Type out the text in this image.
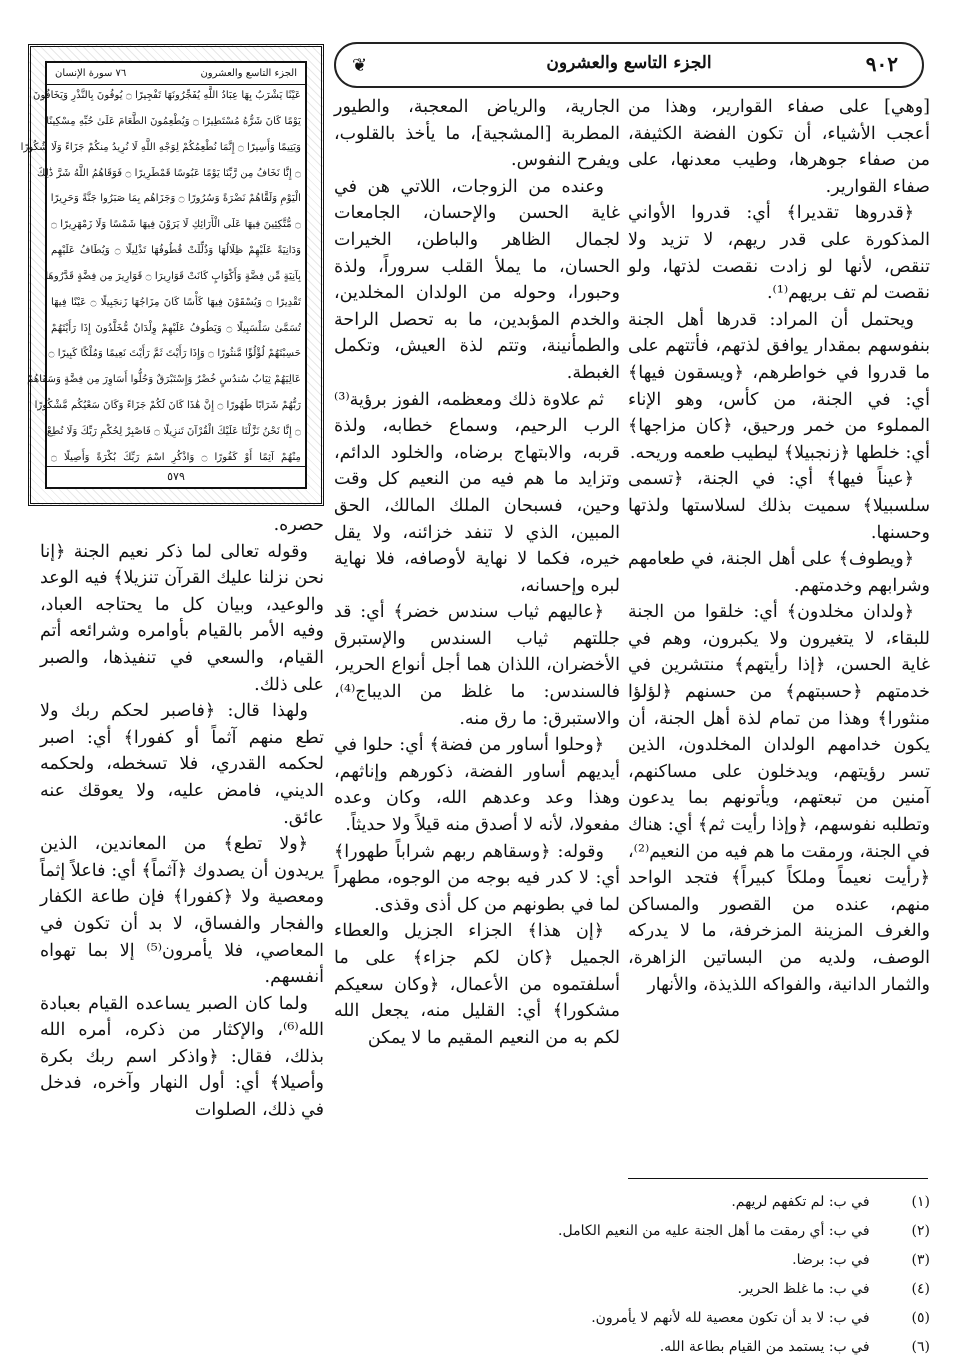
٩٠٢
الجزء التاسع والعشرون
❦
الجزء التاسع والعشرون
٧٦ سورة الإنسان
عَيْنًا يَشْرَبُ بِهَا عِبَادُ اللَّهِ يُفَجِّرُونَهَا تَفْجِيرًا ۝ يُوفُونَ بِالنَّذْرِ وَيَخَافُونَ
يَوْمًا كَانَ شَرُّهُ مُسْتَطِيرًا ۝ وَيُطْعِمُونَ الطَّعَامَ عَلَىٰ حُبِّهِ مِسْكِينًا
وَيَتِيمًا وَأَسِيرًا ۝ إِنَّمَا نُطْعِمُكُمْ لِوَجْهِ اللَّهِ لَا نُرِيدُ مِنكُمْ جَزَاءً وَلَا شُكُورًا
۝ إِنَّا نَخَافُ مِن رَّبِّنَا يَوْمًا عَبُوسًا قَمْطَرِيرًا ۝ فَوَقَاهُمُ اللَّهُ شَرَّ ذَٰلِكَ
الْيَوْمِ وَلَقَّاهُمْ نَضْرَةً وَسُرُورًا ۝ وَجَزَاهُم بِمَا صَبَرُوا جَنَّةً وَحَرِيرًا
۝ مُّتَّكِئِينَ فِيهَا عَلَى الْأَرَائِكِ لَا يَرَوْنَ فِيهَا شَمْسًا وَلَا زَمْهَرِيرًا ۝
وَدَانِيَةً عَلَيْهِمْ ظِلَالُهَا وَذُلِّلَتْ قُطُوفُهَا تَذْلِيلًا ۝ وَيُطَافُ عَلَيْهِم
بِآنِيَةٍ مِّن فِضَّةٍ وَأَكْوَابٍ كَانَتْ قَوَارِيرَا ۝ قَوَارِيرَ مِن فِضَّةٍ قَدَّرُوهَا
تَقْدِيرًا ۝ وَيُسْقَوْنَ فِيهَا كَأْسًا كَانَ مِزَاجُهَا زَنجَبِيلًا ۝ عَيْنًا فِيهَا
تُسَمَّىٰ سَلْسَبِيلًا ۝ وَيَطُوفُ عَلَيْهِمْ وِلْدَانٌ مُّخَلَّدُونَ إِذَا رَأَيْتَهُمْ
حَسِبْتَهُمْ لُؤْلُؤًا مَّنثُورًا ۝ وَإِذَا رَأَيْتَ ثَمَّ رَأَيْتَ نَعِيمًا وَمُلْكًا كَبِيرًا ۝
عَالِيَهُمْ ثِيَابُ سُندُسٍ خُضْرٌ وَإِسْتَبْرَقٌ وَحُلُّوا أَسَاوِرَ مِن فِضَّةٍ وَسَقَاهُمْ
رَبُّهُمْ شَرَابًا طَهُورًا ۝ إِنَّ هَٰذَا كَانَ لَكُمْ جَزَاءً وَكَانَ سَعْيُكُم مَّشْكُورًا
۝ إِنَّا نَحْنُ نَزَّلْنَا عَلَيْكَ الْقُرْآنَ تَنزِيلًا ۝ فَاصْبِرْ لِحُكْمِ رَبِّكَ وَلَا تُطِعْ
مِنْهُمْ آثِمًا أَوْ كَفُورًا ۝ وَاذْكُرِ اسْمَ رَبِّكَ بُكْرَةً وَأَصِيلًا ۝
٥٧٩

[وهي] على صفاء القوارير، وهذا من أعجب الأشياء، أن تكون الفضة الكثيفة، من صفاء جوهرها، وطيب معدنها، على صفاء القوارير.

﴿قدروها تقديرا﴾ أي: قدروا الأواني المذكورة على قدر ريهم، لا تزيد ولا تنقص، لأنها لو زادت نقصت لذتها، ولو نقصت لم تف بريهم⁽¹⁾.

ويحتمل أن المراد: قدرها أهل الجنة بنفوسهم بمقدار يوافق لذتهم، فأتتهم على ما قدروا في خواطرهم، ﴿ويسقون فيها﴾ أي: في الجنة، من كأس، وهو الإناء المملوء من خمر ورحيق، ﴿كان مزاجها﴾ أي: خلطها ﴿زنجبيلا﴾ ليطيب طعمه وريحه.

﴿عيناً فيها﴾ أي: في الجنة، ﴿تسمى سلسبيلا﴾ سميت بذلك لسلاستها ولذتها وحسنها.

﴿ويطوف﴾ على أهل الجنة، في طعامهم وشرابهم وخدمتهم.

﴿ولدان مخلدون﴾ أي: خلقوا من الجنة للبقاء، لا يتغيرون ولا يكبرون، وهم في غاية الحسن، ﴿إذا رأيتهم﴾ منتشرين في خدمتهم ﴿حسبتهم﴾ من حسنهم ﴿لؤلؤا منثورا﴾ وهذا من تمام لذة أهل الجنة، أن يكون خدامهم الولدان المخلدون، الذين تسر رؤيتهم، ويدخلون على مساكنهم، آمنين من تبعتهم، ويأتونهم بما يدعون وتطلبه نفوسهم، ﴿وإذا رأيت ثم﴾ أي: هناك في الجنة، ورمقت ما هم فيه من النعيم⁽²⁾، ﴿رأيت نعيماً وملكاً كبيراً﴾ فتجد الواحد منهم، عنده من القصور والمساكن والغرف المزينة المزخرفة، ما لا يدركه الوصف، ولديه من البساتين الزاهرة، والثمار الدانية، والفواكه اللذيذة، والأنهار

الجارية، والرياض المعجبة، والطيور المطربة [المشجية]، ما يأخذ بالقلوب، ويفرح النفوس.

وعنده من الزوجات، اللاتي هن في غاية الحسن والإحسان، الجامعات لجمال الظاهر والباطن، الخيرات الحسان، ما يملأ القلب سروراً، ولذة وحبورا، وحوله من الولدان المخلدين، والخدم المؤبدين، ما به تحصل الراحة والطمأنينة، وتتم لذة العيش، وتكمل الغبطة.

ثم علاوة ذلك ومعظمه، الفوز برؤية⁽³⁾ الرب الرحيم، وسماع خطابه، ولذة قربه، والابتهاج برضاه، والخلود الدائم، وتزايد ما هم فيه من النعيم كل وقت وحين، فسبحان الملك المالك، الحق المبين، الذي لا تنفد خزائنه، ولا يقل خيره، فكما لا نهاية لأوصافه، فلا نهاية لبره وإحسانه،

﴿عاليهم ثياب سندس خضر﴾ أي: قد جللتهم ثياب السندس والإستبرق الأخضران، اللذان هما أجل أنواع الحرير، فالسندس: ما غلظ من الديباج⁽⁴⁾، والاستبرق: ما رق منه.

﴿وحلوا أساور من فضة﴾ أي: حلوا في أيديهم أساور الفضة، ذكورهم وإناثهم، وهذا وعد وعدهم الله، وكان وعده مفعولا، لأنه لا أصدق منه قيلاً ولا حديثاً.

وقوله: ﴿وسقاهم ربهم شراباً طهورا﴾ أي: لا كدر فيه بوجه من الوجوه، مطهراً لما في بطونهم من كل أذى وقذى.

﴿إن هذا﴾ الجزاء الجزيل والعطاء الجميل ﴿كان لكم جزاء﴾ على ما أسلفتموه من الأعمال، ﴿وكان سعيكم مشكورا﴾ أي: القليل منه، يجعل الله لكم به من النعيم المقيم ما لا يمكن

حصره.

وقوله تعالى لما ذكر نعيم الجنة ﴿إنا نحن نزلنا عليك القرآن تنزيلا﴾ فيه الوعد والوعيد، وبيان كل ما يحتاجه العباد، وفيه الأمر بالقيام بأوامره وشرائعه أتم القيام، والسعي في تنفيذها، والصبر على ذلك.

ولهذا قال: ﴿فاصبر لحكم ربك ولا تطع منهم آثماً أو كفورا﴾ أي: اصبر لحكمه القدري، فلا تسخطه، ولحكمه الديني، فامض عليه، ولا يعوقك عنه عائق.

﴿ولا تطع﴾ من المعاندين، الذين يريدون أن يصدوك ﴿آثماً﴾ أي: فاعلاً إثماً ومعصية ولا ﴿كفورا﴾ فإن طاعة الكفار والفجار والفساق، لا بد أن تكون في المعاصي، فلا يأمرون⁽⁵⁾ إلا بما تهواه أنفسهم.

ولما كان الصبر يساعده القيام بعبادة الله⁽⁶⁾، والإكثار من ذكره، أمره الله بذلك، فقال: ﴿واذكر اسم ربك بكرة وأصيلا﴾ أي: أول النهار وآخره، فدخل في ذلك، الصلوات

(١) في ب: لم تكفهم لريهم.
(٢) في ب: أي رمقت ما أهل الجنة عليه من النعيم الكامل.
(٣) في ب: برضا.
(٤) في ب: ما غلظ الحرير.
(٥) في ب: لا بد أن تكون معصية لله لأنهم لا يأمرون.
(٦) في ب: يستمد من القيام بطاعة الله.
